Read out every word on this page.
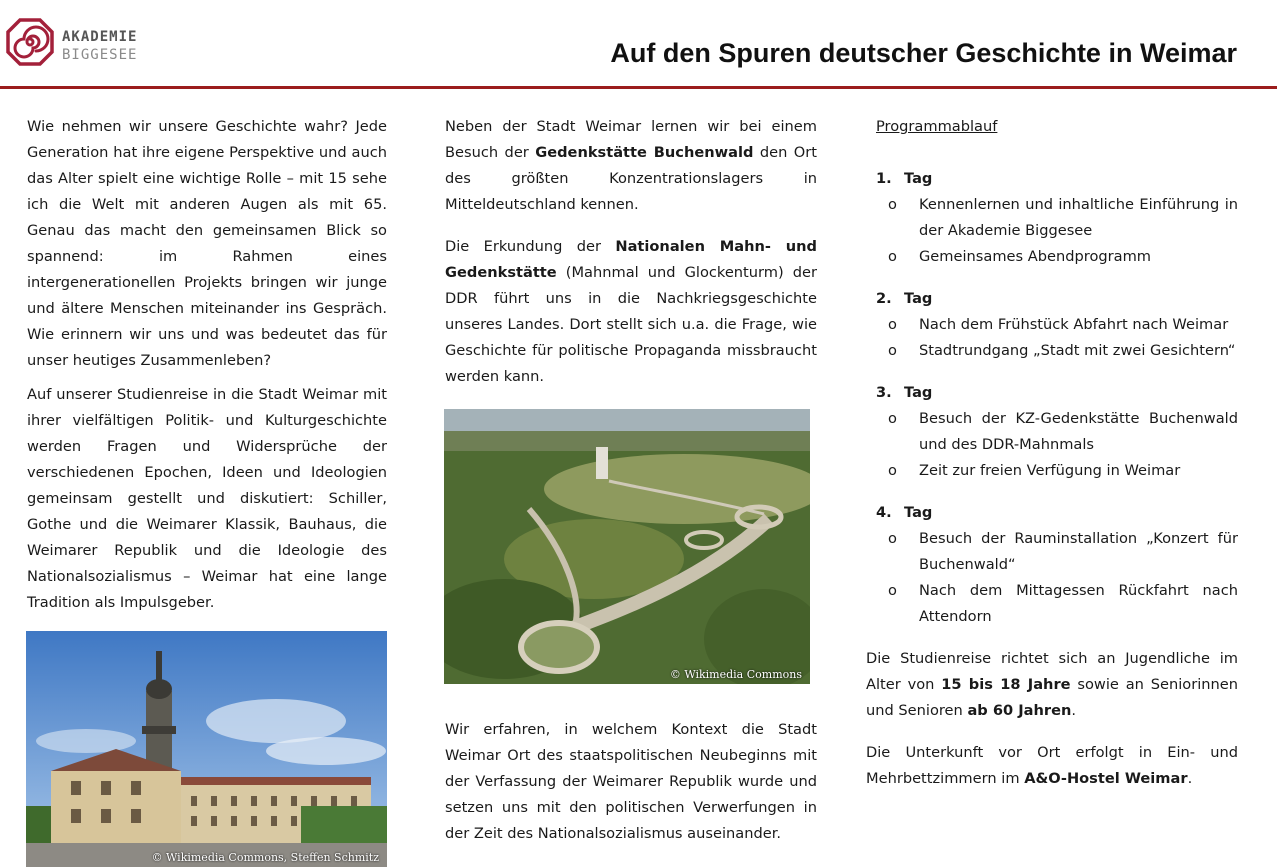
AKADEMIE
BIGGESEE	Auf den Spuren deutscher Geschichte in Weimar

Wie nehmen wir unsere Geschichte wahr? Jede Generation hat ihre eigene Perspektive und auch das Alter spielt eine wichtige Rolle – mit 15 sehe ich die Welt mit anderen Augen als mit 65. Genau das macht den gemeinsamen Blick so spannend: im Rahmen eines intergenerationellen Projekts bringen wir junge und ältere Menschen miteinander ins Gespräch. Wie erinnern wir uns und was bedeutet das für unser heutiges Zusammenleben?

Auf unserer Studienreise in die Stadt Weimar mit ihrer vielfältigen Politik- und Kulturgeschichte werden Fragen und Widersprüche der verschiedenen Epochen, Ideen und Ideologien gemeinsam gestellt und diskutiert: Schiller, Gothe und die Weimarer Klassik, Bauhaus, die Weimarer Republik und die Ideologie des Nationalsozialismus – Weimar hat eine lange Tradition als Impulsgeber.

© Wikimedia Commons, Steffen Schmitz

Neben der Stadt Weimar lernen wir bei einem Besuch der Gedenkstätte Buchenwald den Ort des größten Konzentrationslagers in Mitteldeutschland kennen.

Die Erkundung der Nationalen Mahn- und Gedenkstätte (Mahnmal und Glockenturm) der DDR führt uns in die Nachkriegsgeschichte unseres Landes. Dort stellt sich u.a. die Frage, wie Geschichte für politische Propaganda missbraucht werden kann.

© Wikimedia Commons

Wir erfahren, in welchem Kontext die Stadt Weimar Ort des staatspolitischen Neubeginns mit der Verfassung der Weimarer Republik wurde und setzen uns mit den politischen Verwerfungen in der Zeit des Nationalsozialismus auseinander.

Programmablauf

1. Tag
o Kennenlernen und inhaltliche Einführung in der Akademie Biggesee
o Gemeinsames Abendprogramm
2. Tag
o Nach dem Frühstück Abfahrt nach Weimar
o Stadtrundgang „Stadt mit zwei Gesichtern“
3. Tag
o Besuch der KZ-Gedenkstätte Buchenwald und des DDR-Mahnmals
o Zeit zur freien Verfügung in Weimar
4. Tag
o Besuch der Rauminstallation „Konzert für Buchenwald“
o Nach dem Mittagessen Rückfahrt nach Attendorn

Die Studienreise richtet sich an Jugendliche im Alter von 15 bis 18 Jahre sowie an Seniorinnen und Senioren ab 60 Jahren.

Die Unterkunft vor Ort erfolgt in Ein- und Mehrbettzimmern im A&O-Hostel Weimar.
